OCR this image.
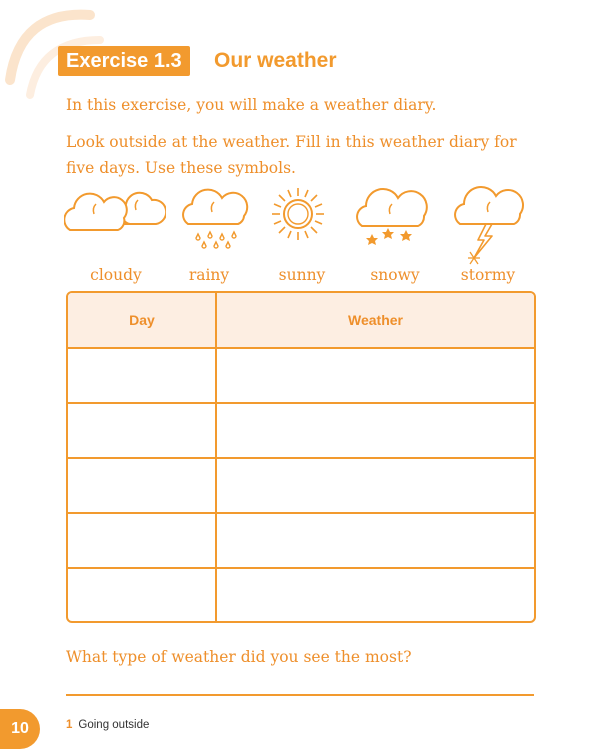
Exercise 1.3	Our weather
In this exercise, you will make a weather diary.
Look outside at the weather. Fill in this weather diary for five days. Use these symbols.
cloudy	rainy	sunny	snowy	stormy
Day	Weather
What type of weather did you see the most?
10	1 Going outside
